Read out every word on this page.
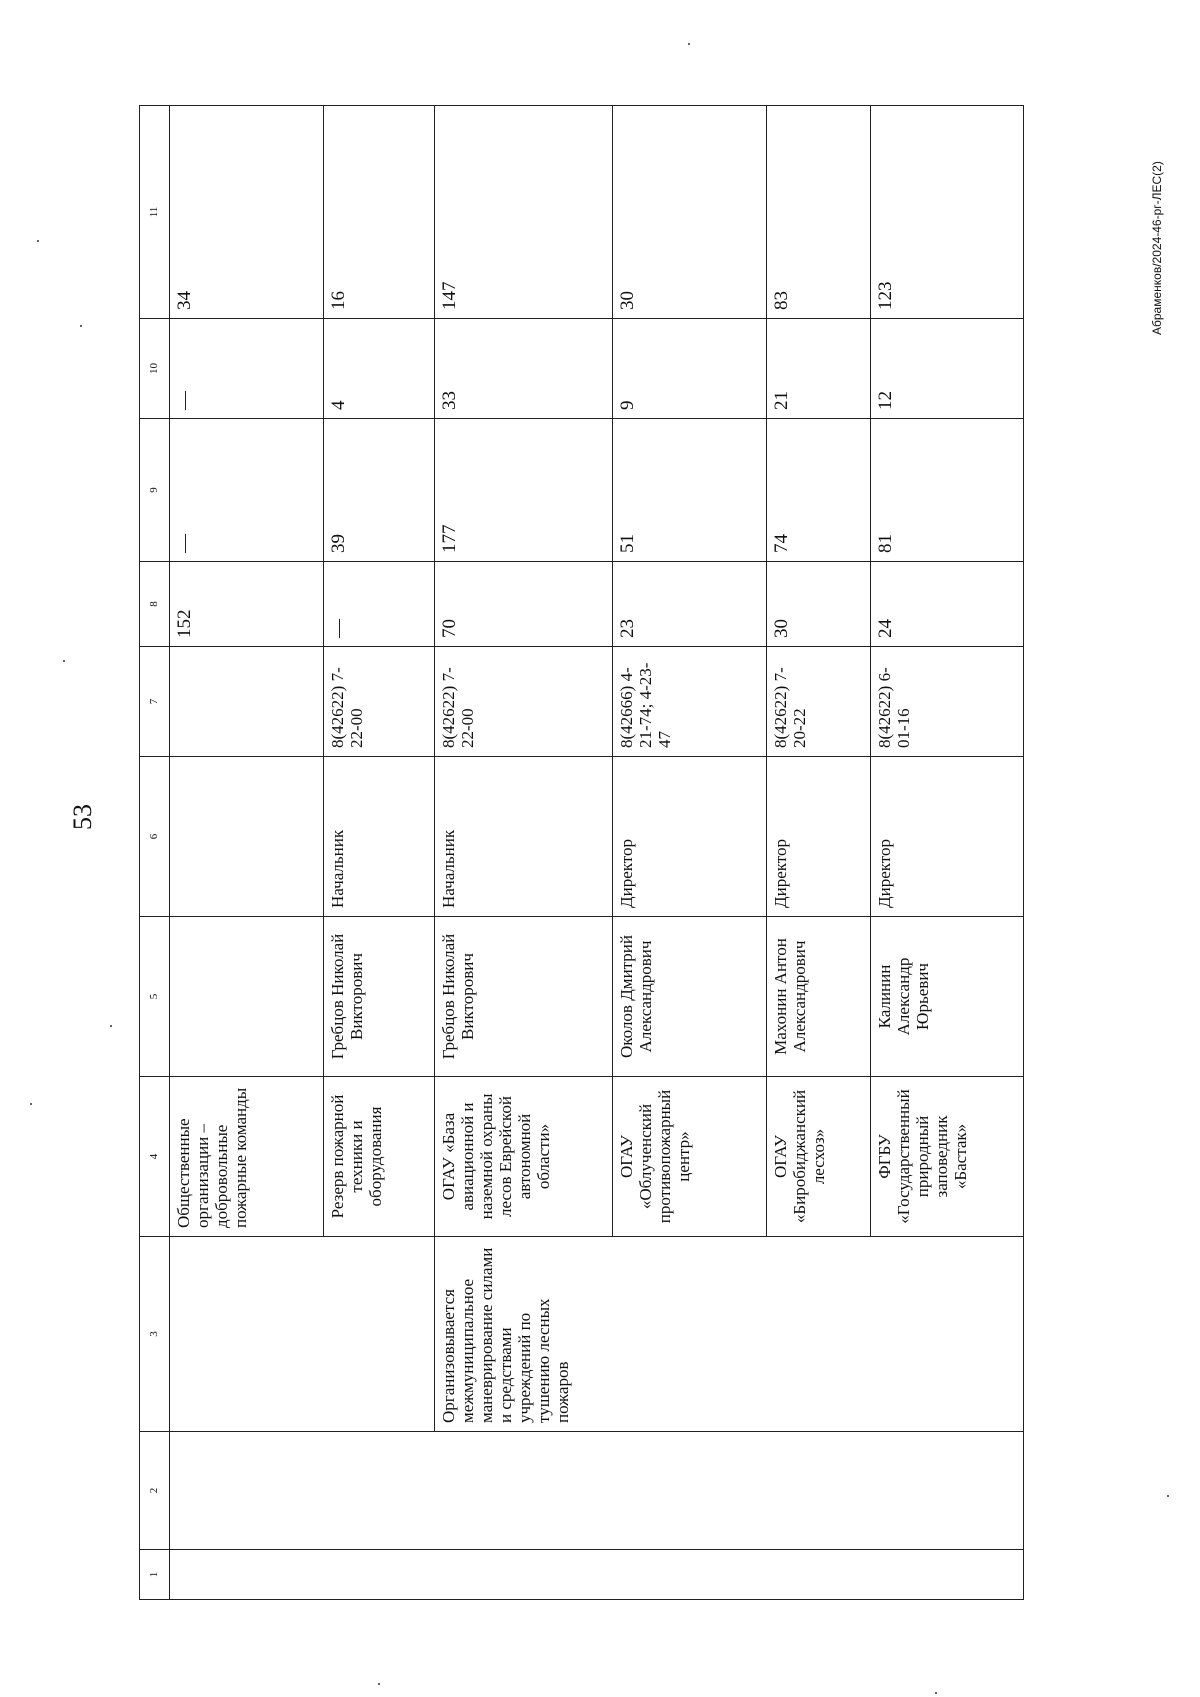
53
Абраменков/2024-46-рг-ЛЕС(2)
1	2	3	4	5	6	7	8	9	10	11
			Общественные организации – добровольные пожарные команды				152	—	—	34
			Резерв пожарной техники и оборудования	Гребцов Николай Викторович	Начальник	8(42622) 7-22-00	—	39	4	16
		Организовывается межмуниципальное маневрирование силами и средствами учреждений по тушению лесных пожаров	ОГАУ «База авиационной и наземной охраны лесов Еврейской автономной области»	Гребцов Николай Викторович	Начальник	8(42622) 7-22-00	70	177	33	147
			ОГАУ «Облученский противопожарный центр»	Околов Дмитрий Александрович	Директор	8(42666) 4-21-74; 4-23-47	23	51	9	30
			ОГАУ «Биробиджанский лесхоз»	Махонин Антон Александрович	Директор	8(42622) 7-20-22	30	74	21	83
			ФГБУ «Государственный природный заповедник «Бастак»	Калинин Александр Юрьевич	Директор	8(42622) 6-01-16	24	81	12	123
